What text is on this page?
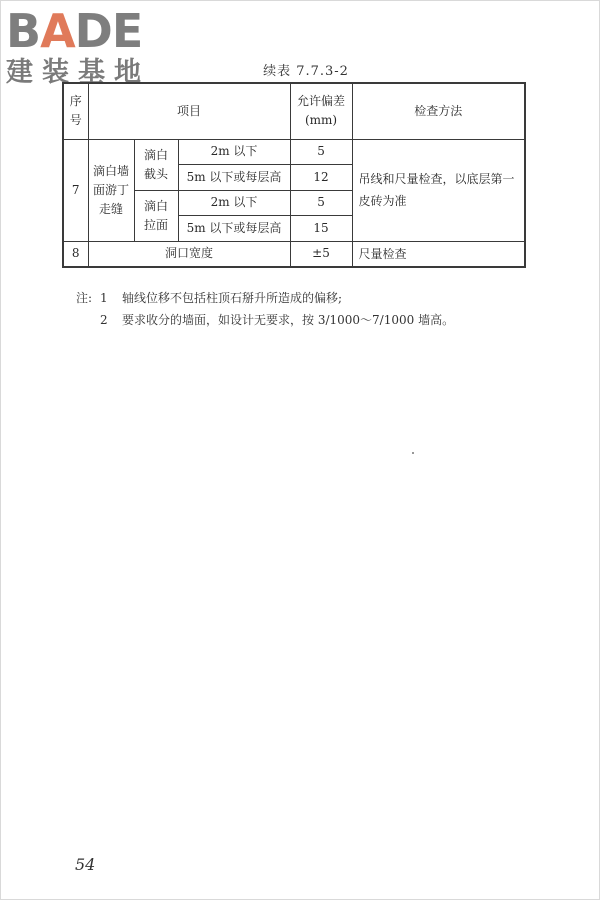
BADE
建装基地	续表 7.7.3-2
序号	项目			允许偏差(mm)	检查方法
7	滴白墙面游丁走缝	滴白截头	2m 以下	5	吊线和尺量检查，以底层第一皮砖为准
			5m 以下或每层高	12	
		滴白拉面	2m 以下	5	
			5m 以下或每层高	15	
8	洞口宽度			±5	尺量检查
注: 1 轴线位移不包括柱顶石掰升所造成的偏移;
2 要求收分的墙面，如设计无要求，按 3/1000～7/1000 墙高。
54
